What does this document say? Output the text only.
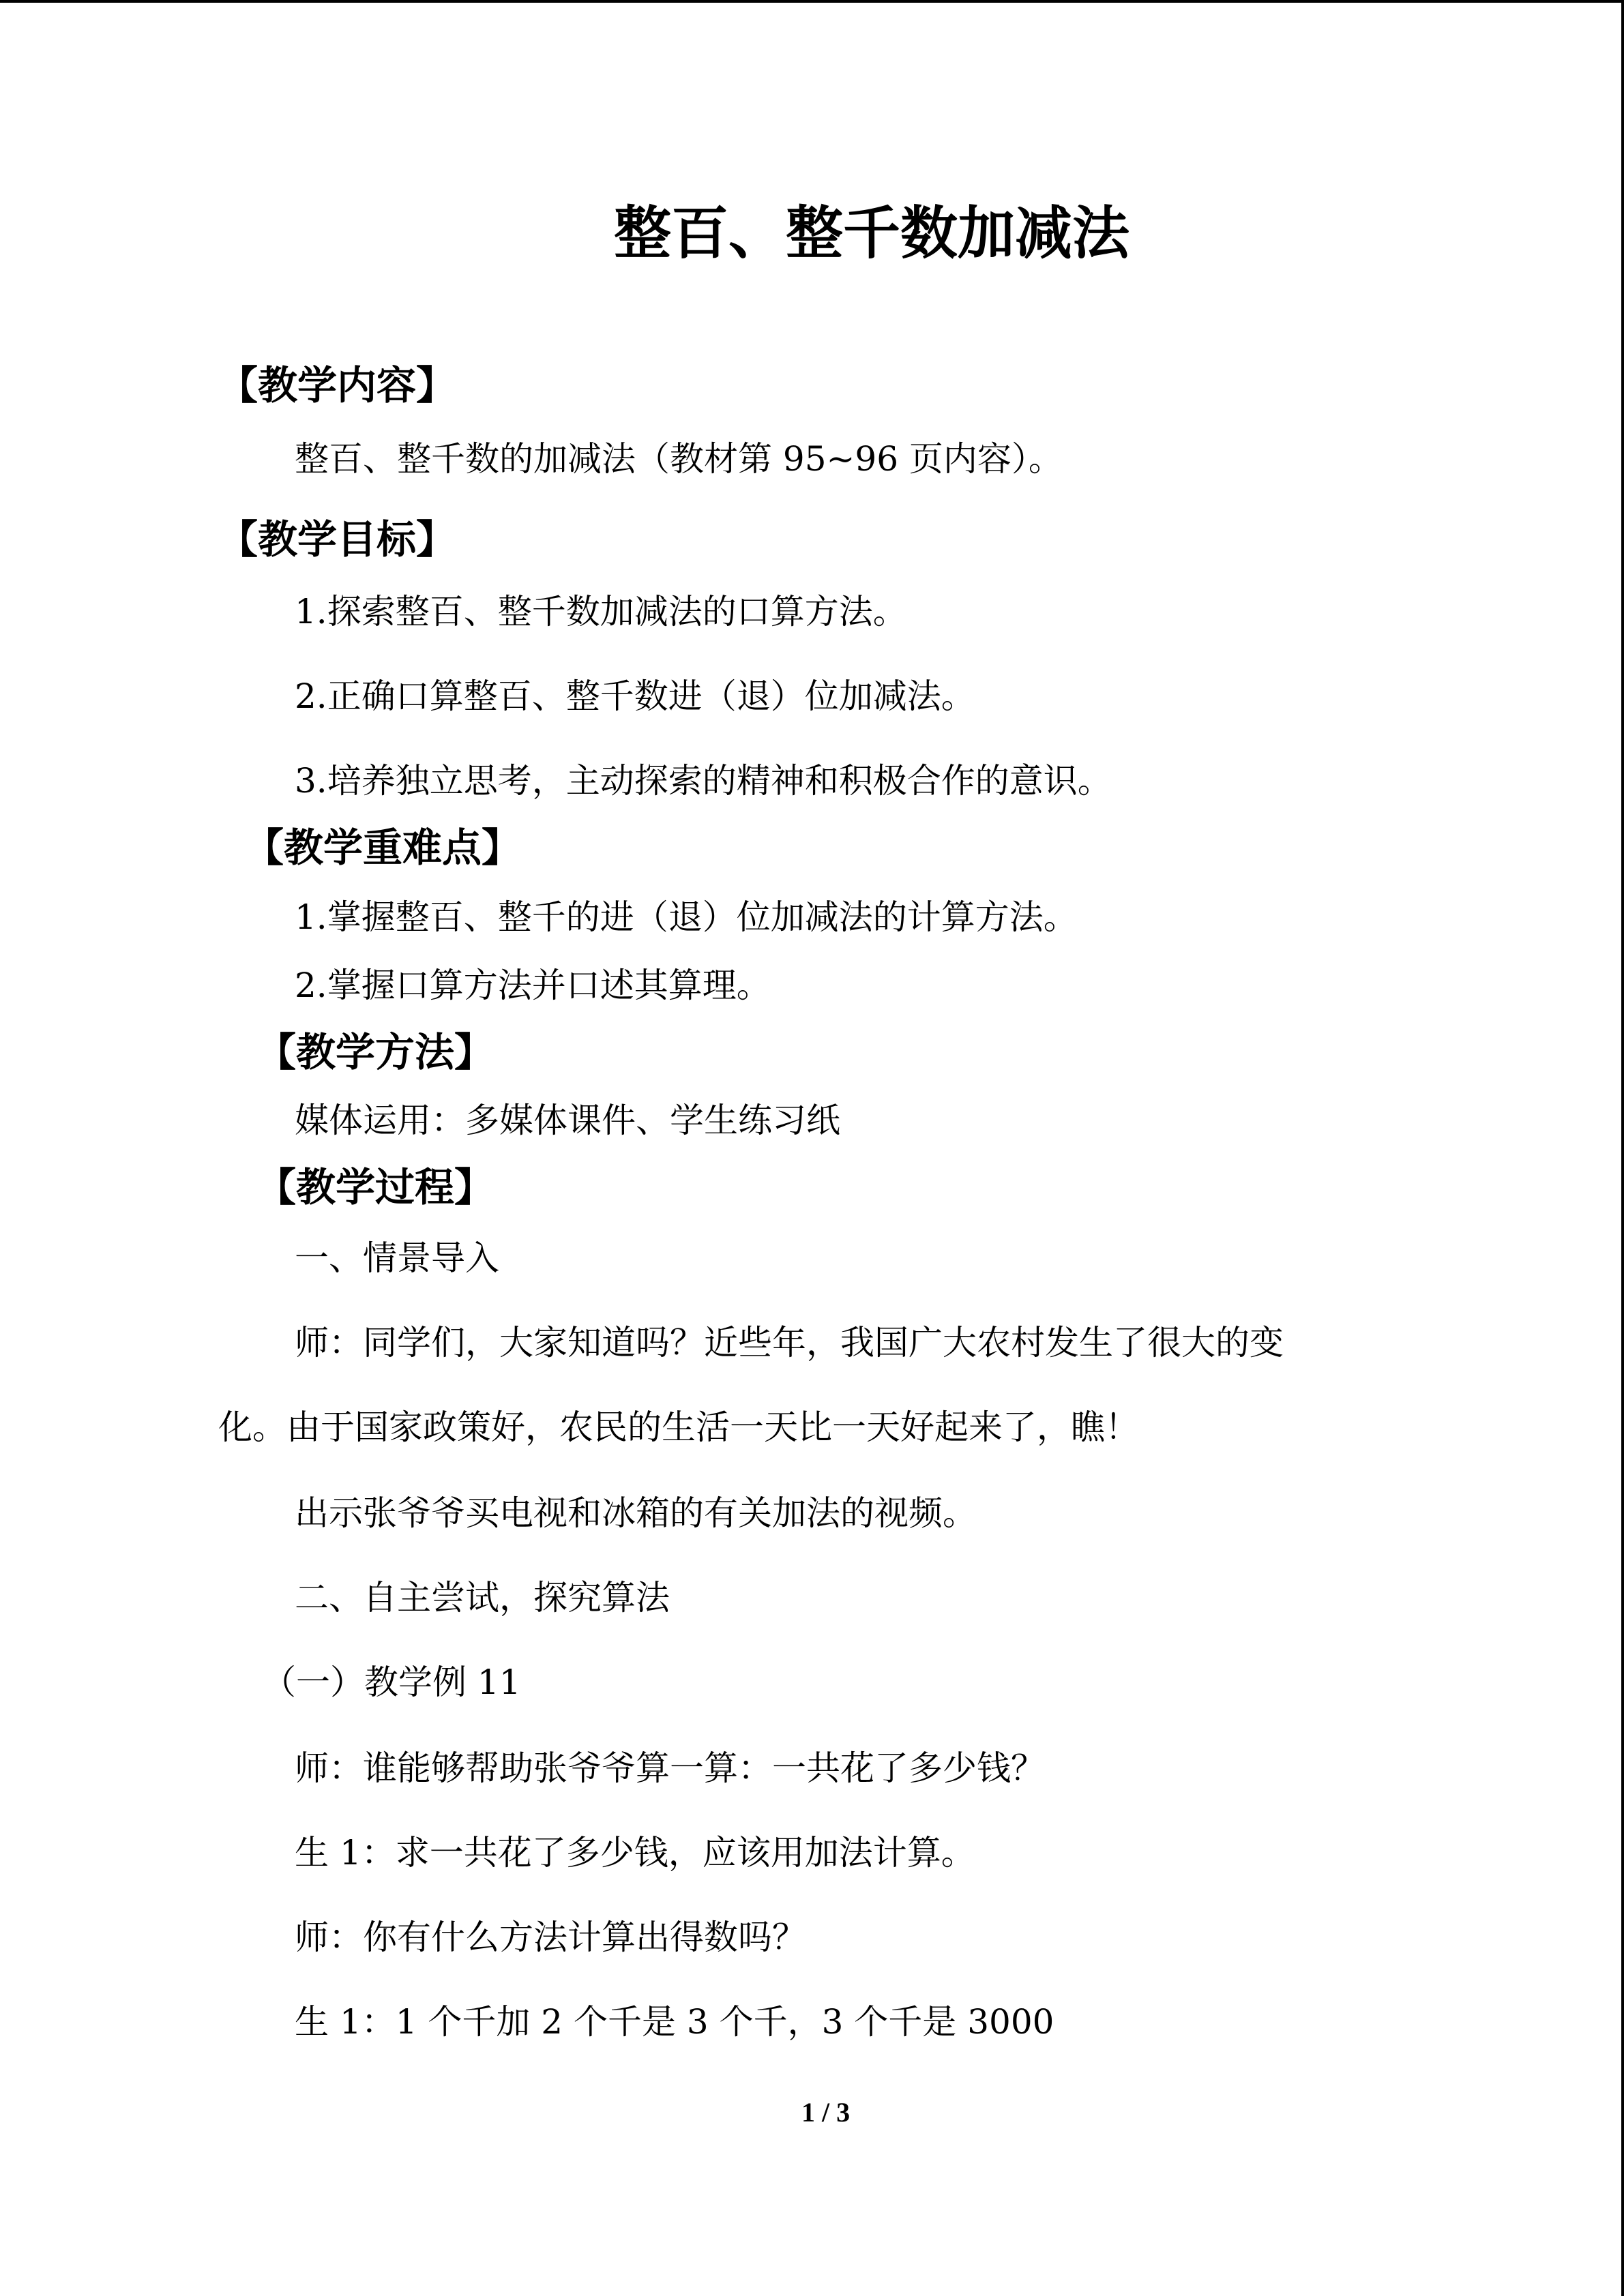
整百、整千数加减法
【教学内容】
整百、整千数的加减法（教材第 95~96 页内容）。
【教学目标】
1.探索整百、整千数加减法的口算方法。
2.正确口算整百、整千数进（退）位加减法。
3.培养独立思考，主动探索的精神和积极合作的意识。
【教学重难点】
1.掌握整百、整千的进（退）位加减法的计算方法。
2.掌握口算方法并口述其算理。
【教学方法】
媒体运用：多媒体课件、学生练习纸
【教学过程】
一、情景导入
师：同学们，大家知道吗？近些年，我国广大农村发生了很大的变
化。由于国家政策好，农民的生活一天比一天好起来了，瞧！
出示张爷爷买电视和冰箱的有关加法的视频。
二、自主尝试，探究算法
（一）教学例 11
师：谁能够帮助张爷爷算一算：一共花了多少钱？
生 1：求一共花了多少钱，应该用加法计算。
师：你有什么方法计算出得数吗？
生 1：1 个千加 2 个千是 3 个千，3 个千是 3000
1 / 3
